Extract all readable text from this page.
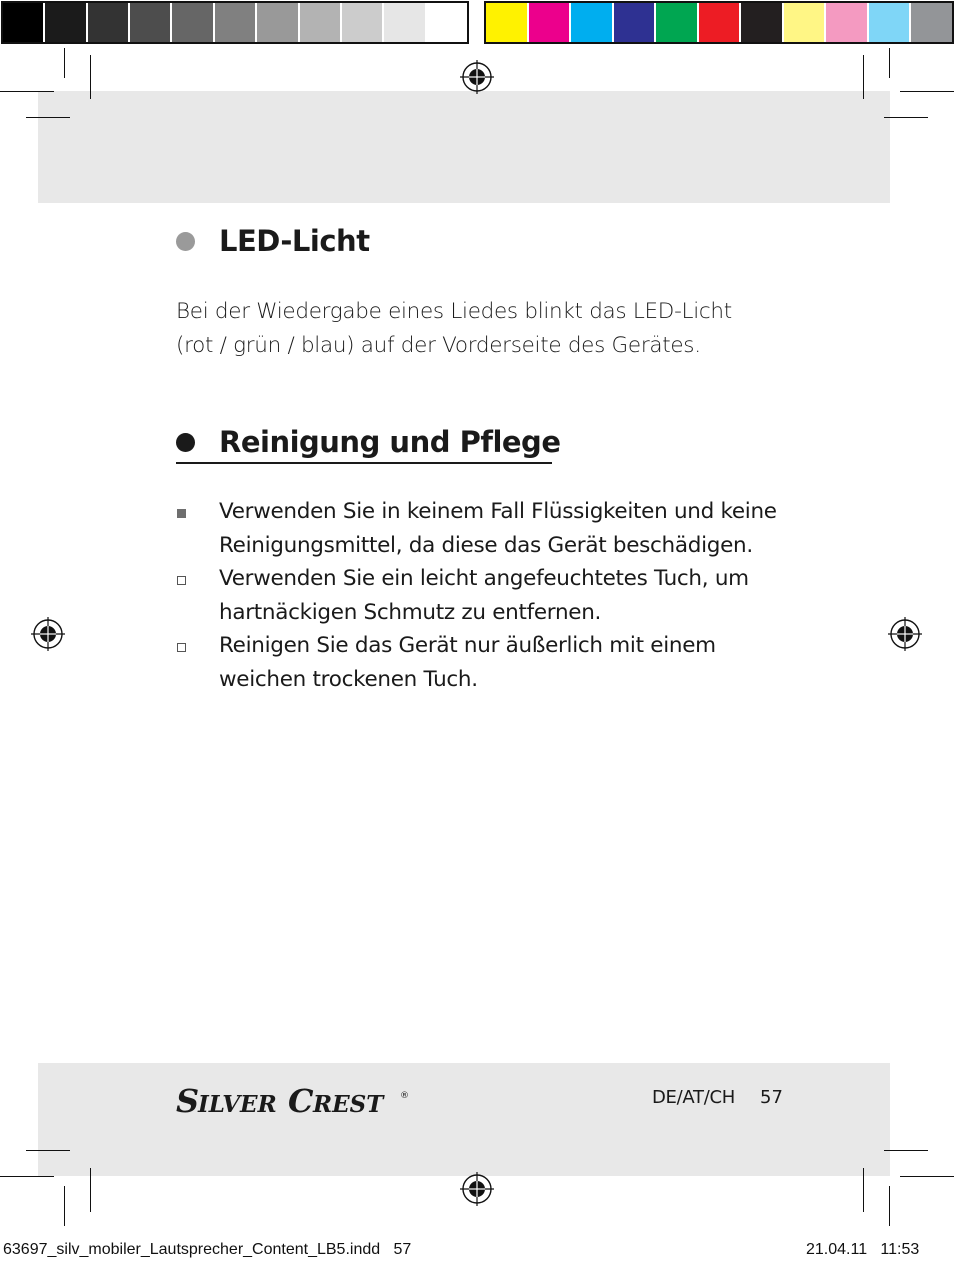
LED-Licht
Bei der Wiedergabe eines Liedes blinkt das LED-Licht
(rot / grün / blau) auf der Vorderseite des Gerätes.
Reinigung und Pflege
Verwenden Sie in keinem Fall Flüssigkeiten und keine
Reinigungsmittel, da diese das Gerät beschädigen.
Verwenden Sie ein leicht angefeuchtetes Tuch, um
hartnäckigen Schmutz zu entfernen.
Reinigen Sie das Gerät nur äußerlich mit einem
weichen trockenen Tuch.
S
ILVER C REST ®	DE/AT/CH 57
63697_silv_mobiler_Lautsprecher_Content_LB5.indd   57	21.04.11   11:53
